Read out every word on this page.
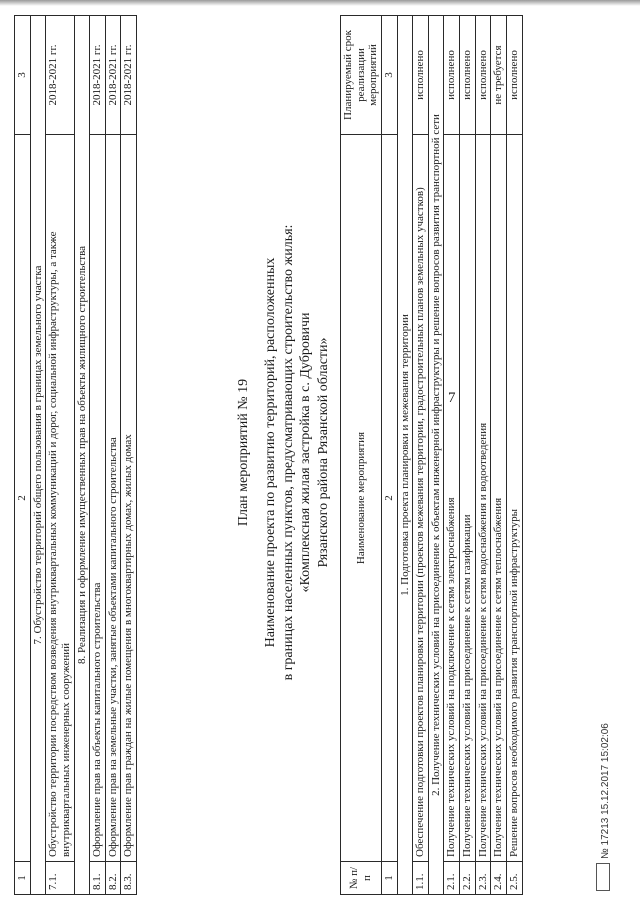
1	2	3
7. Обустройство территорий общего пользования в границах земельного участка		
7.1.	Обустройство территории посредством возведения внутриквартальных коммуникаций и дорог, социальной инфраструктуры, а также внутриквартальных инженерных сооружений	2018-2021 гг.
8. Реализация и оформление имущественных прав на объекты жилищного строительства		
8.1.	Оформление прав на объекты капитального строительства	2018-2021 гг.
8.2.	Оформление прав на земельные участки, занятые объектами капитального строительства	2018-2021 гг.
8.3.	Оформление прав граждан на жилые помещения в многоквартирных домах, жилых домах	2018-2021 гг.
План мероприятий № 19 Наименование проекта по развитию территорий, расположенных в границах населенных пунктов, предусматривающих строительство жилья: «Комплексная жилая застройка в с. Дубровичи Рязанского района Рязанской области»
№ п/п	Наименование мероприятия	Планируемый срок реализации мероприятий
1	2	3
1. Подготовка проекта планировки и межевания территории		
1.1.	Обеспечение подготовки проектов планировки территории (проектов межевания территории, градостроительных планов земельных участков)	исполнено
2. Получение технических условий на присоединение к объектам инженерной инфраструктуры и решение вопросов развития транспортной сети		
2.1.	Получение технических условий на подключение к сетям электроснабжения	исполнено
2.2.	Получение технических условий на присоединение к сетям газификации	исполнено
2.3.	Получение технических условий на присоединение к сетям водоснабжения и водоотведения	исполнено
2.4.	Получение технических условий на присоединение к сетям теплоснабжения	не требуется
2.5.	Решение вопросов необходимого развития транспортной инфраструктуры	исполнено
№ 17213 15.12.2017 15:02:06
7
